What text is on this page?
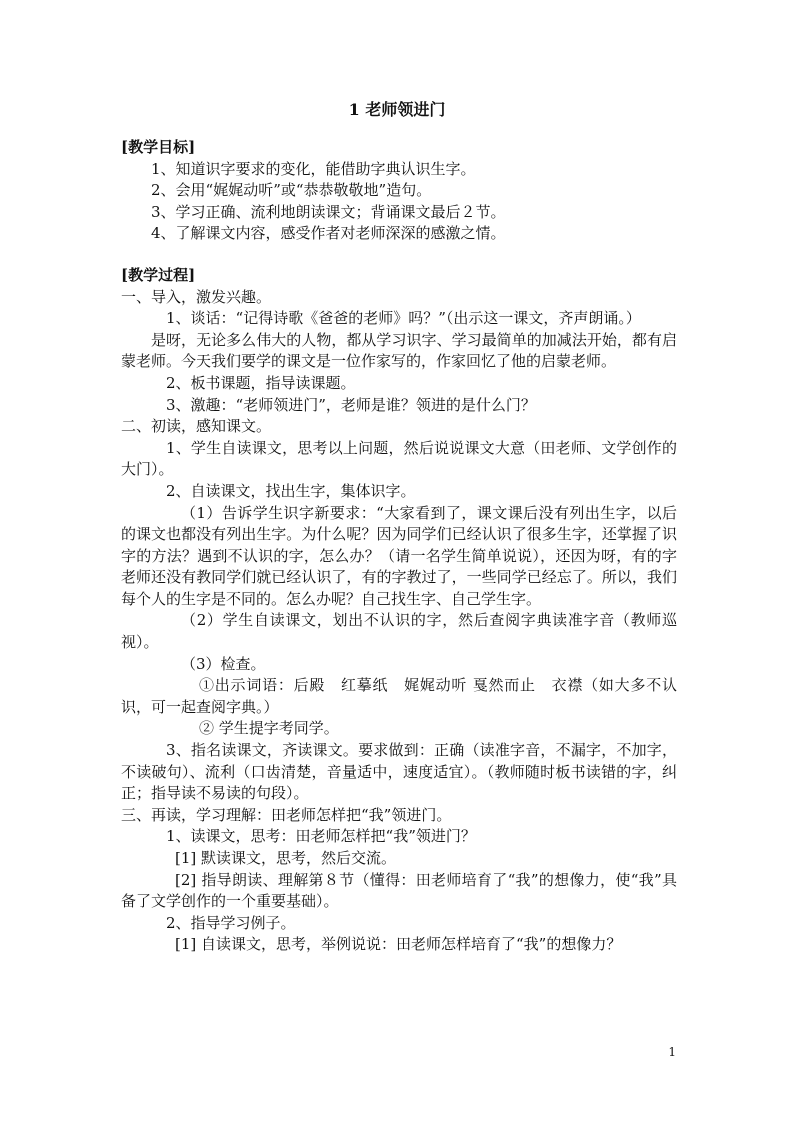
1 老师领进门

[教学目标]

1、知道识字要求的变化，能借助字典认识生字。

2、会用“娓娓动听”或“恭恭敬敬地”造句。

3、学习正确、流利地朗读课文；背诵课文最后２节。

4、了解课文内容，感受作者对老师深深的感激之情。

[教学过程]

一、导入，激发兴趣。

1、谈话：“记得诗歌《爸爸的老师》吗？”（出示这一课文，齐声朗诵。）

是呀，无论多么伟大的人物，都从学习识字、学习最简单的加减法开始，都有启蒙老师。今天我们要学的课文是一位作家写的，作家回忆了他的启蒙老师。

2、板书课题，指导读课题。

3、激趣：“老师领进门”，老师是谁？领进的是什么门？

二、初读，感知课文。

1、学生自读课文，思考以上问题，然后说说课文大意（田老师、文学创作的大门）。

2、自读课文，找出生字，集体识字。

（1）告诉学生识字新要求：“大家看到了，课文课后没有列出生字，以后的课文也都没有列出生字。为什么呢？因为同学们已经认识了很多生字，还掌握了识字的方法？遇到不认识的字，怎么办？（请一名学生简单说说），还因为呀，有的字老师还没有教同学们就已经认识了，有的字教过了，一些同学已经忘了。所以，我们每个人的生字是不同的。怎么办呢？自己找生字、自己学生字。

（2）学生自读课文，划出不认识的字，然后查阅字典读准字音（教师巡视）。

（3）检查。

①出示词语：后殿　红摹纸　娓娓动听 戛然而止　衣襟（如大多不认识，可一起查阅字典。）

② 学生提字考同学。

3、指名读课文，齐读课文。要求做到：正确（读准字音，不漏字，不加字，不读破句）、流利（口齿清楚，音量适中，速度适宜）。（教师随时板书读错的字，纠正；指导读不易读的句段）。

三、再读，学习理解：田老师怎样把“我”领进门。

1、读课文，思考：田老师怎样把“我”领进门？

[1] 默读课文，思考，然后交流。

[2] 指导朗读、理解第８节（懂得：田老师培育了“我”的想像力，使“我”具备了文学创作的一个重要基础）。

2、指导学习例子。

[1] 自读课文，思考，举例说说：田老师怎样培育了“我”的想像力？

1
